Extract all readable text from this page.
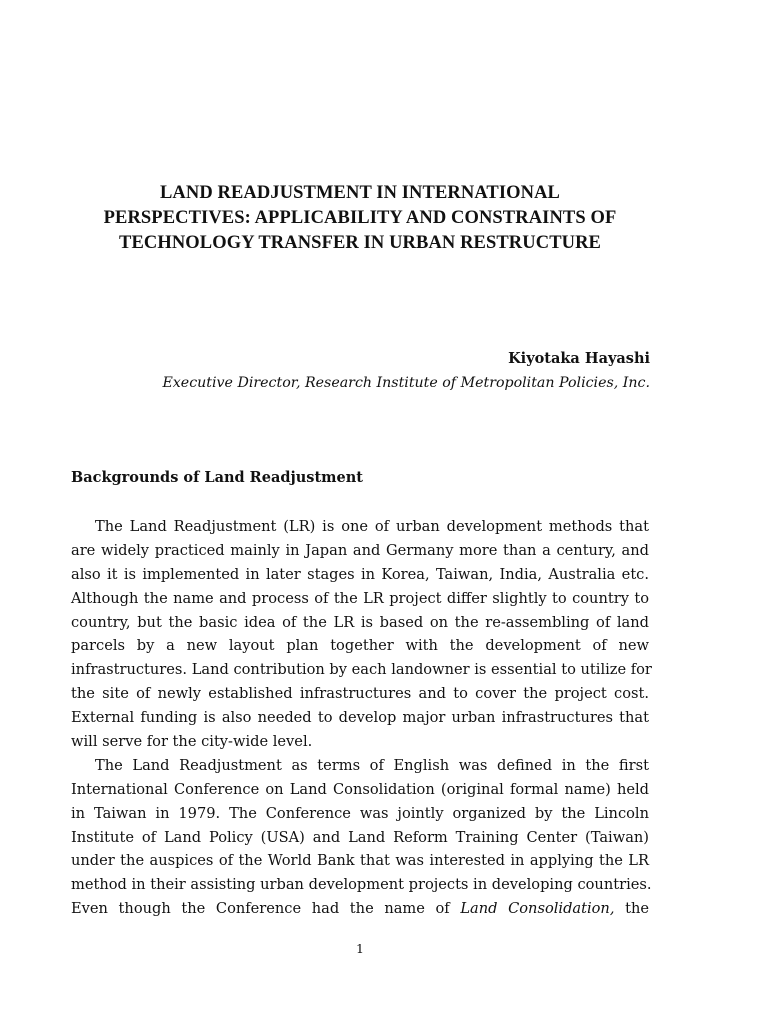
LAND READJUSTMENT IN INTERNATIONAL
PERSPECTIVES: APPLICABILITY AND CONSTRAINTS OF
TECHNOLOGY TRANSFER IN URBAN RESTRUCTURE
Kiyotaka Hayashi
Executive Director, Research Institute of Metropolitan Policies, Inc.
Backgrounds of Land Readjustment
The Land Readjustment (LR) is one of urban development methods that
are widely practiced mainly in Japan and Germany more than a century, and
also it is implemented in later stages in Korea, Taiwan, India, Australia etc.
Although the name and process of the LR project differ slightly to country to
country, but the basic idea of the LR is based on the re-assembling of land
parcels by a new layout plan together with the development of new
infrastructures. Land contribution by each landowner is essential to utilize for
the site of newly established infrastructures and to cover the project cost.
External funding is also needed to develop major urban infrastructures that
will serve for the city-wide level.
The Land Readjustment as terms of English was defined in the first
International Conference on Land Consolidation (original formal name) held
in Taiwan in 1979. The Conference was jointly organized by the Lincoln
Institute of Land Policy (USA) and Land Reform Training Center (Taiwan)
under the auspices of the World Bank that was interested in applying the LR
method in their assisting urban development projects in developing countries.
Even though the Conference had the name of Land Consolidation, the
1
